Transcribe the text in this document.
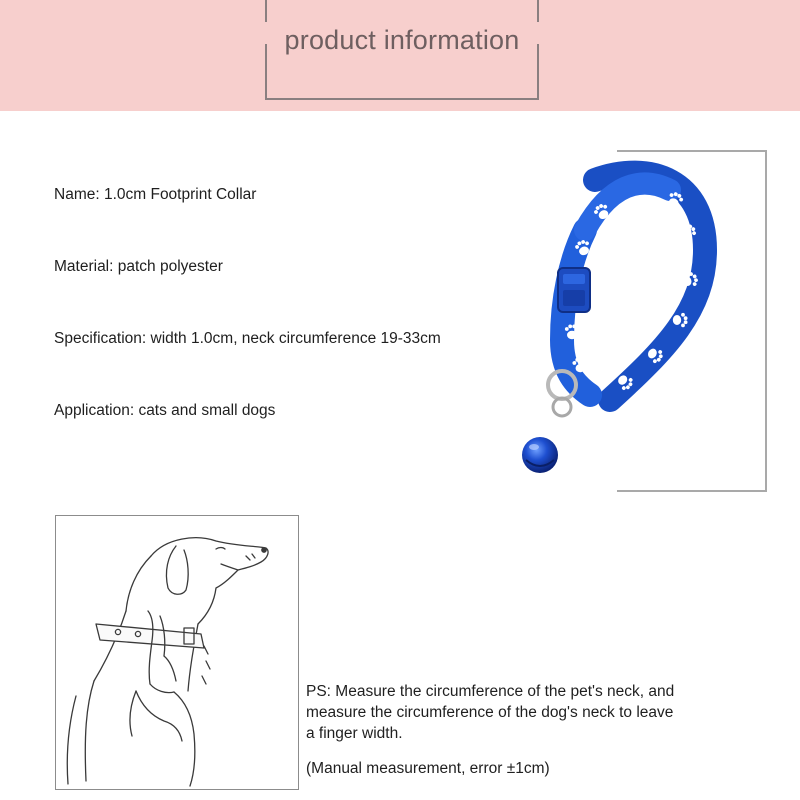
product information
Name: 1.0cm Footprint Collar
Material: patch polyester
Specification: width 1.0cm, neck circumference 19-33cm
Application: cats and small dogs

PS: Measure the circumference of the pet's neck, and

measure the circumference of the dog's neck to leave

a finger width.

(Manual measurement, error ±1cm)
